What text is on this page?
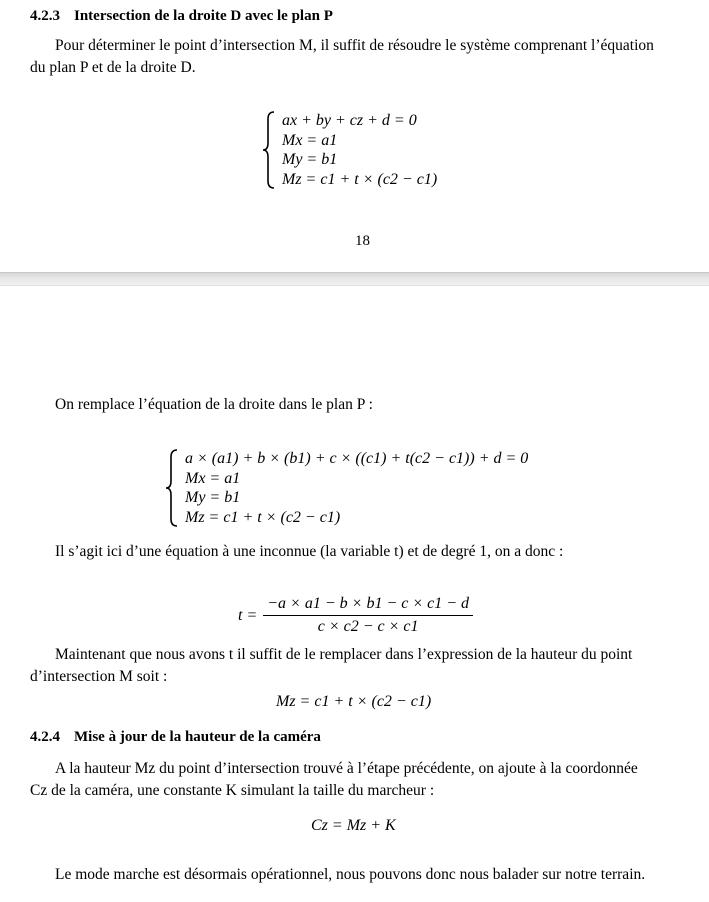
4.2.3 Intersection de la droite D avec le plan P
Pour déterminer le point d’intersection M, il suffit de résoudre le système comprenant l’équation
du plan P et de la droite D.
ax + by + cz + d = 0
Mx = a1
My = b1
Mz = c1 + t × (c2 − c1)
18
On remplace l’équation de la droite dans le plan P :
a × (a1) + b × (b1) + c × ((c1) + t(c2 − c1)) + d = 0
Mx = a1
My = b1
Mz = c1 + t × (c2 − c1)
Il s’agit ici d’une équation à une inconnue (la variable t) et de degré 1, on a donc :
$t = \frac{-a \times a1 - b \times b1 - c \times c1 - d}{c \times c2 - c \times c1}$
Maintenant que nous avons t il suffit de le remplacer dans l’expression de la hauteur du point
d’intersection M soit :
Mz = c1 + t × (c2 − c1)
4.2.4 Mise à jour de la hauteur de la caméra
A la hauteur Mz du point d’intersection trouvé à l’étape précédente, on ajoute à la coordonnée
Cz de la caméra, une constante K simulant la taille du marcheur :
Cz = Mz + K
Le mode marche est désormais opérationnel, nous pouvons donc nous balader sur notre terrain.
